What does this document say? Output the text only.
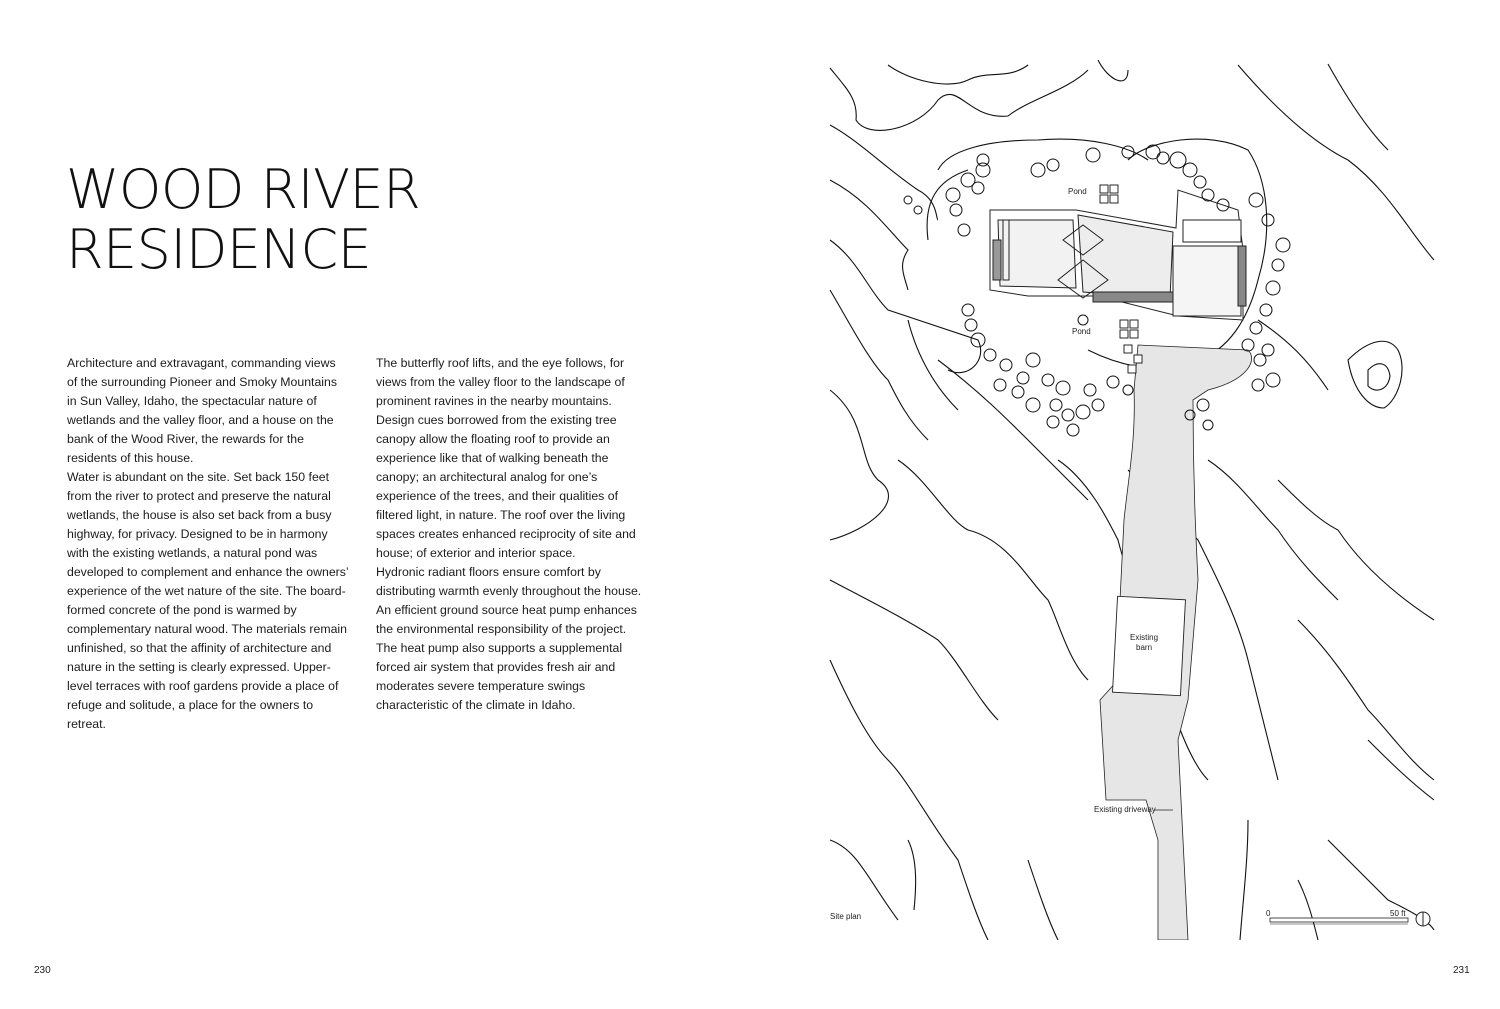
WOOD RIVER
RESIDENCE

Architecture and extravagant, commanding views of the surrounding Pioneer and Smoky Mountains in Sun Valley, Idaho, the spectacular nature of wetlands and the valley floor, and a house on the bank of the Wood River, the rewards for the residents of this house.

Water is abundant on the site. Set back 150 feet from the river to protect and preserve the natural wetlands, the house is also set back from a busy highway, for privacy. Designed to be in harmony with the existing wetlands, a natural pond was developed to complement and enhance the owners’ experience of the wet nature of the site. The board-formed concrete of the pond is warmed by complementary natural wood. The materials remain unfinished, so that the affinity of architecture and nature in the setting is clearly expressed. Upper-level terraces with roof gardens provide a place of refuge and solitude, a place for the owners to retreat.

The butterfly roof lifts, and the eye follows, for views from the valley floor to the landscape of prominent ravines in the nearby mountains. Design cues borrowed from the existing tree canopy allow the floating roof to provide an experience like that of walking beneath the canopy; an architectural analog for one’s experience of the trees, and their qualities of filtered light, in nature. The roof over the living spaces creates enhanced reciprocity of site and house; of exterior and interior space.

Hydronic radiant floors ensure comfort by distributing warmth evenly throughout the house. An efficient ground source heat pump enhances the environmental responsibility of the project. The heat pump also supports a supplemental forced air system that provides fresh air and moderates severe temperature swings characteristic of the climate in Idaho.

Pond
Pond
Existing
barn
Existing driveway
0	50 ft
Site plan
230	231
